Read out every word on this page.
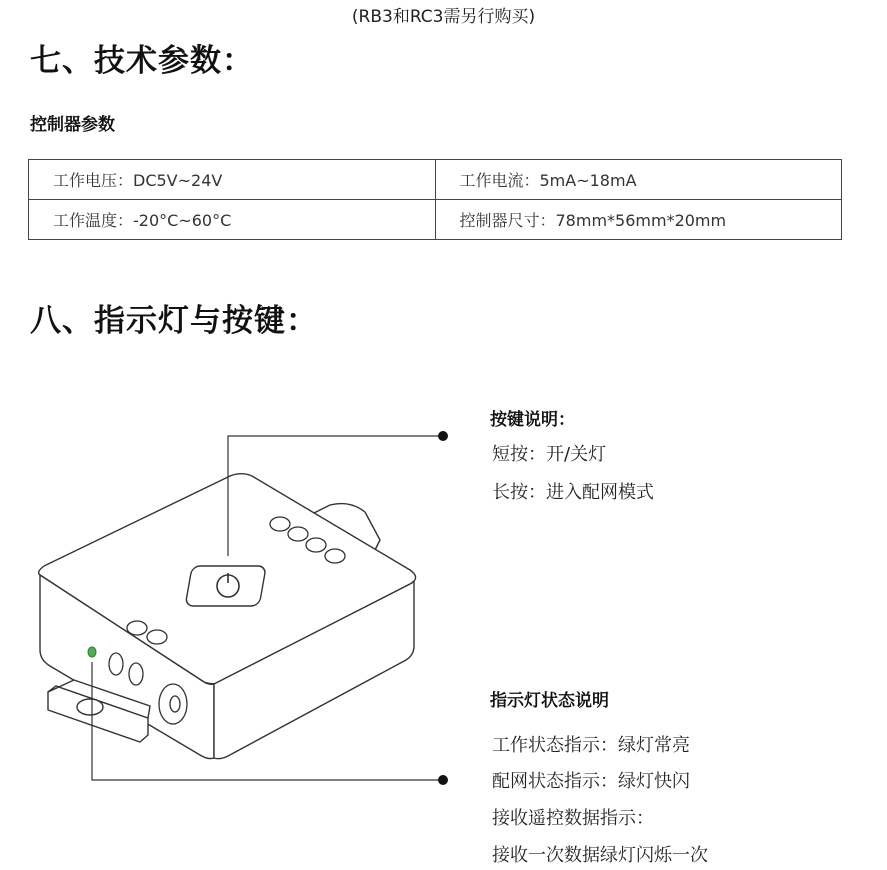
(RB3和RC3需另行购买)
七、技术参数：
控制器参数
工作电压：DC5V~24V	工作电流：5mA~18mA
工作温度：-20°C~60°C	控制器尺寸：78mm*56mm*20mm
八、指示灯与按键：
按键说明：
短按：开/关灯
长按：进入配网模式
指示灯状态说明
工作状态指示：绿灯常亮
配网状态指示：绿灯快闪
接收遥控数据指示：
接收一次数据绿灯闪烁一次
